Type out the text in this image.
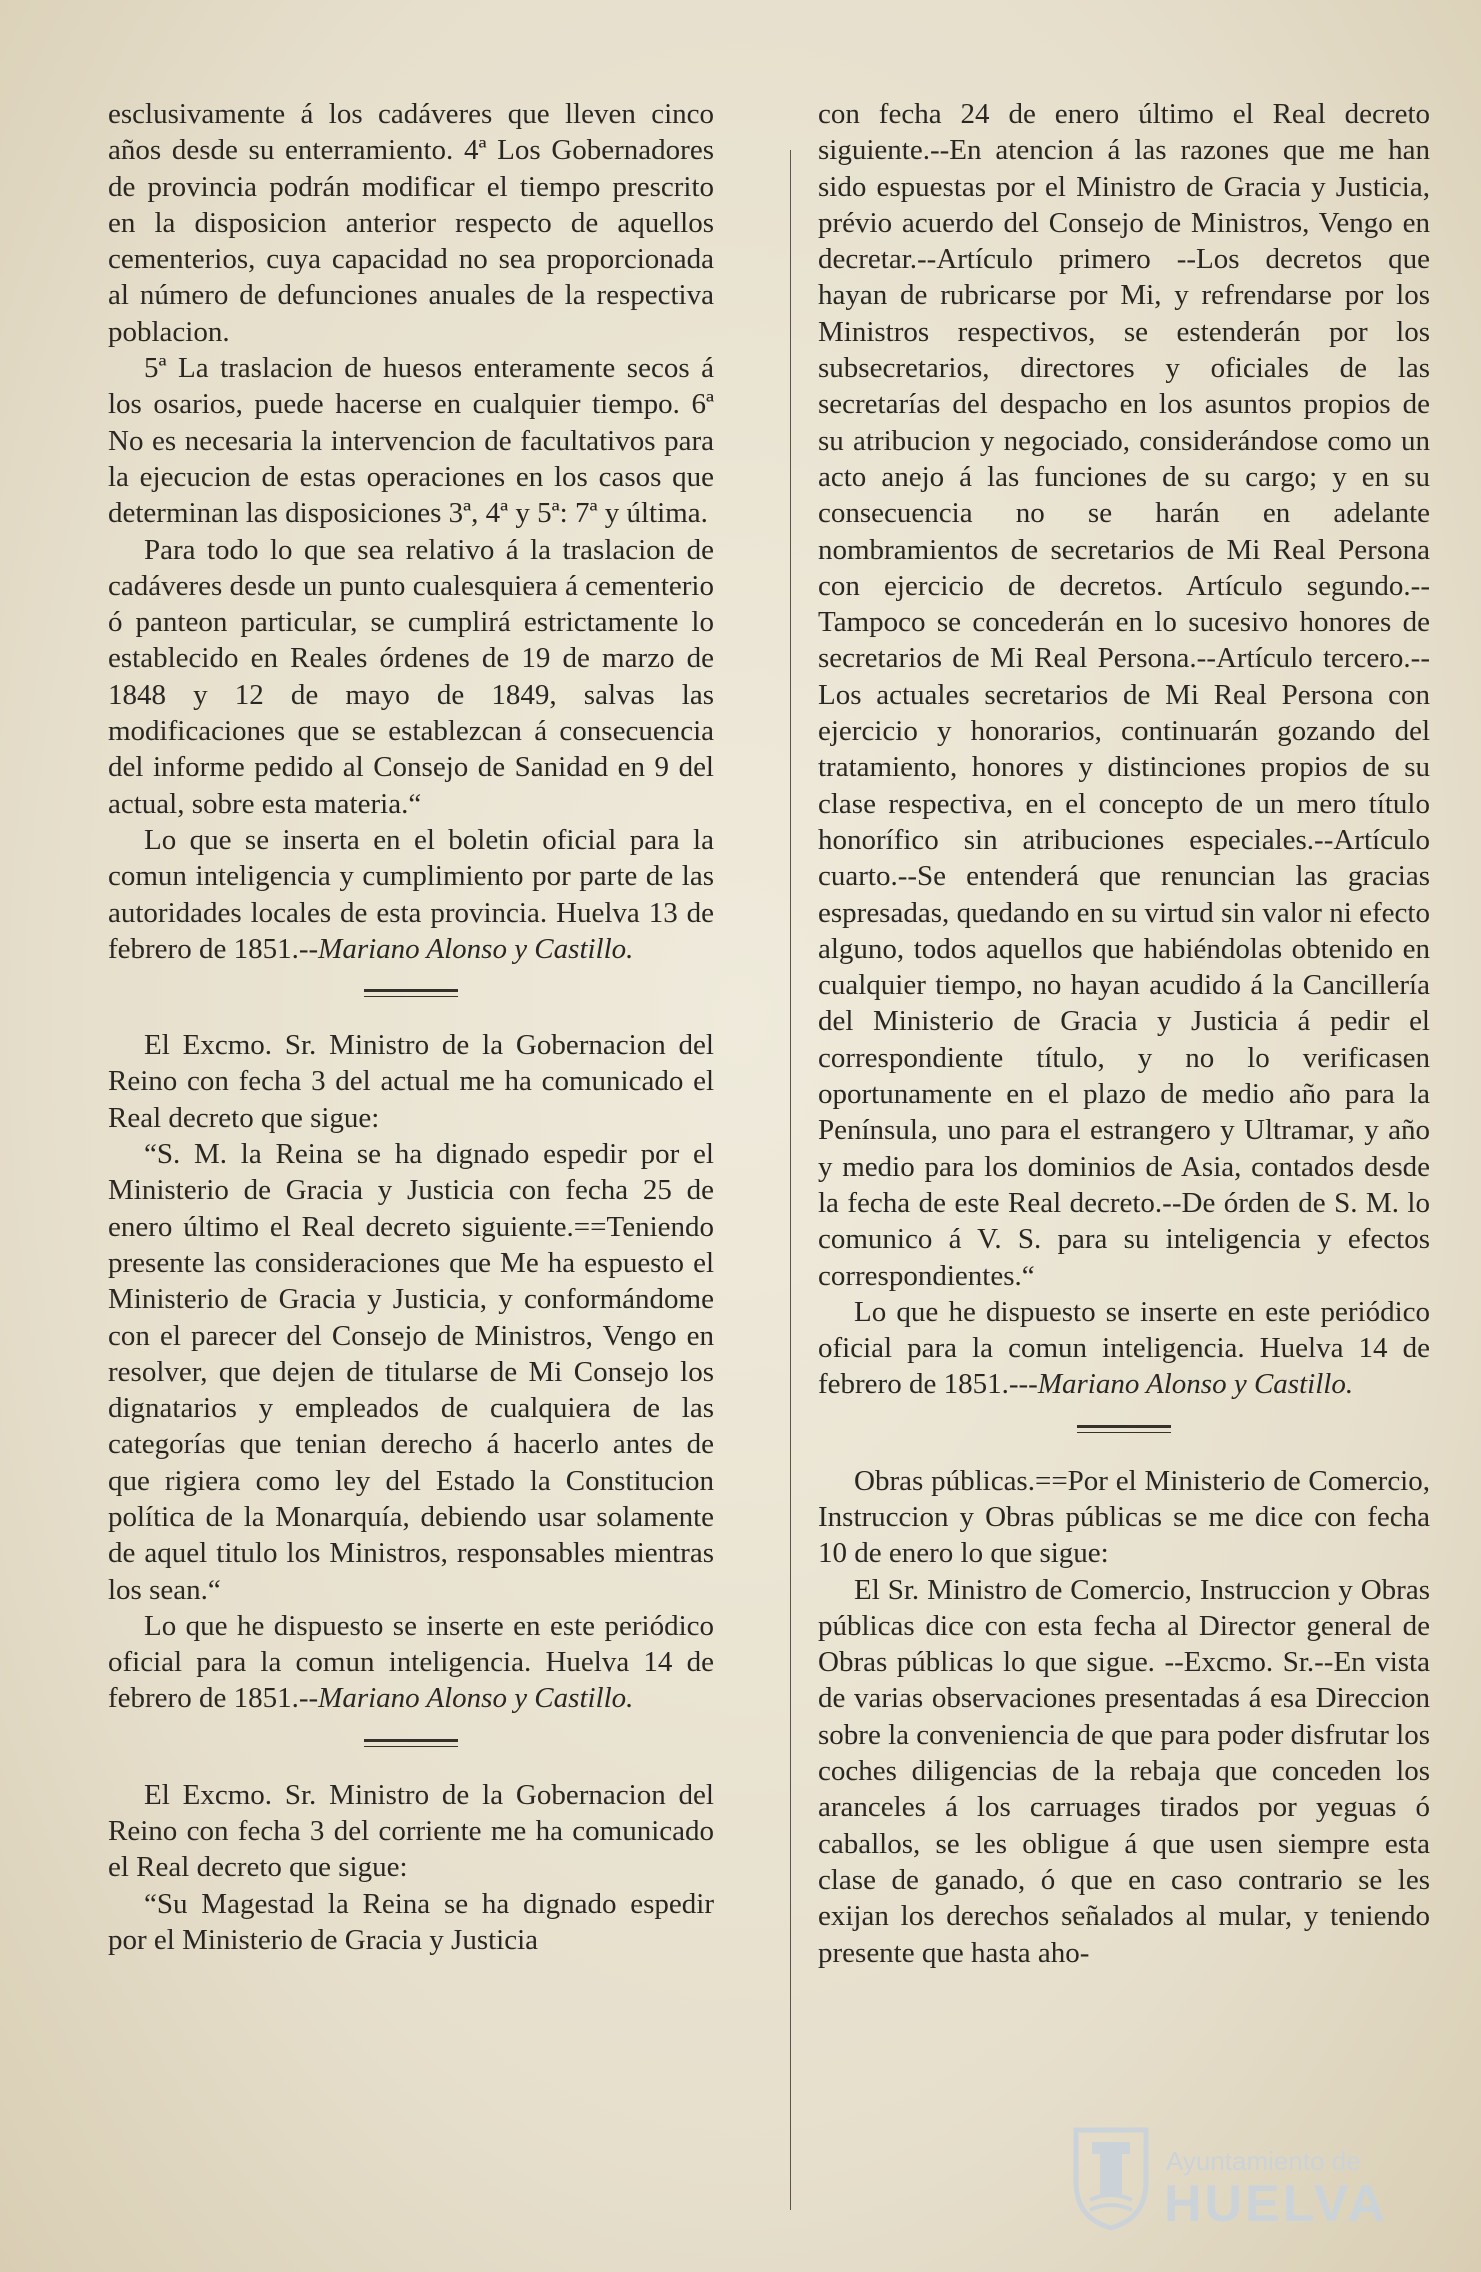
esclusivamente á los cadáveres que lleven cinco años desde su enterramiento. 4ª Los Gobernadores de provincia podrán modificar el tiempo prescrito en la disposicion anterior respecto de aquellos cementerios, cuya capacidad no sea proporcionada al número de defunciones anuales de la respectiva poblacion.

5ª La traslacion de huesos enteramente secos á los osarios, puede hacerse en cualquier tiempo. 6ª No es necesaria la intervencion de facultativos para la ejecucion de estas operaciones en los casos que determinan las disposiciones 3ª, 4ª y 5ª: 7ª y última.

Para todo lo que sea relativo á la traslacion de cadáveres desde un punto cualesquiera á cementerio ó panteon particular, se cumplirá estrictamente lo establecido en Reales órdenes de 19 de marzo de 1848 y 12 de mayo de 1849, salvas las modificaciones que se establezcan á consecuencia del informe pedido al Consejo de Sanidad en 9 del actual, sobre esta materia.“

Lo que se inserta en el boletin oficial para la comun inteligencia y cumplimiento por parte de las autoridades locales de esta provincia. Huelva 13 de febrero de 1851.--Mariano Alonso y Castillo.

El Excmo. Sr. Ministro de la Gobernacion del Reino con fecha 3 del actual me ha comunicado el Real decreto que sigue:

“S. M. la Reina se ha dignado espedir por el Ministerio de Gracia y Justicia con fecha 25 de enero último el Real decreto siguiente.==Teniendo presente las consideraciones que Me ha espuesto el Ministerio de Gracia y Justicia, y conformándome con el parecer del Consejo de Ministros, Vengo en resolver, que dejen de titularse de Mi Consejo los dignatarios y empleados de cualquiera de las categorías que tenian derecho á hacerlo antes de que rigiera como ley del Estado la Constitucion política de la Monarquía, debiendo usar solamente de aquel titulo los Ministros, responsables mientras los sean.“

Lo que he dispuesto se inserte en este periódico oficial para la comun inteligencia. Huelva 14 de febrero de 1851.--Mariano Alonso y Castillo.

El Excmo. Sr. Ministro de la Gobernacion del Reino con fecha 3 del corriente me ha comunicado el Real decreto que sigue:

“Su Magestad la Reina se ha dignado espedir por el Ministerio de Gracia y Justicia

con fecha 24 de enero último el Real decreto siguiente.--En atencion á las razones que me han sido espuestas por el Ministro de Gracia y Justicia, prévio acuerdo del Consejo de Ministros, Vengo en decretar.--Artículo primero --Los decretos que hayan de rubricarse por Mi, y refrendarse por los Ministros respectivos, se estenderán por los subsecretarios, directores y oficiales de las secretarías del despacho en los asuntos propios de su atribucion y negociado, considerándose como un acto anejo á las funciones de su cargo; y en su consecuencia no se harán en adelante nombramientos de secretarios de Mi Real Persona con ejercicio de decretos. Artículo segundo.--Tampoco se concederán en lo sucesivo honores de secretarios de Mi Real Persona.--Artículo tercero.--Los actuales secretarios de Mi Real Persona con ejercicio y honorarios, continuarán gozando del tratamiento, honores y distinciones propios de su clase respectiva, en el concepto de un mero título honorífico sin atribuciones especiales.--Artículo cuarto.--Se entenderá que renuncian las gracias espresadas, quedando en su virtud sin valor ni efecto alguno, todos aquellos que habiéndolas obtenido en cualquier tiempo, no hayan acudido á la Cancillería del Ministerio de Gracia y Justicia á pedir el correspondiente título, y no lo verificasen oportunamente en el plazo de medio año para la Península, uno para el estrangero y Ultramar, y año y medio para los dominios de Asia, contados desde la fecha de este Real decreto.--De órden de S. M. lo comunico á V. S. para su inteligencia y efectos correspondientes.“

Lo que he dispuesto se inserte en este periódico oficial para la comun inteligencia. Huelva 14 de febrero de 1851.---Mariano Alonso y Castillo.

Obras públicas.==Por el Ministerio de Comercio, Instruccion y Obras públicas se me dice con fecha 10 de enero lo que sigue:

El Sr. Ministro de Comercio, Instruccion y Obras públicas dice con esta fecha al Director general de Obras públicas lo que sigue. --Excmo. Sr.--En vista de varias observaciones presentadas á esa Direccion sobre la conveniencia de que para poder disfrutar los coches diligencias de la rebaja que conceden los aranceles á los carruages tirados por yeguas ó caballos, se les obligue á que usen siempre esta clase de ganado, ó que en caso contrario se les exijan los derechos señalados al mular, y teniendo presente que hasta aho-

Ayuntamiento de
HUELVA
